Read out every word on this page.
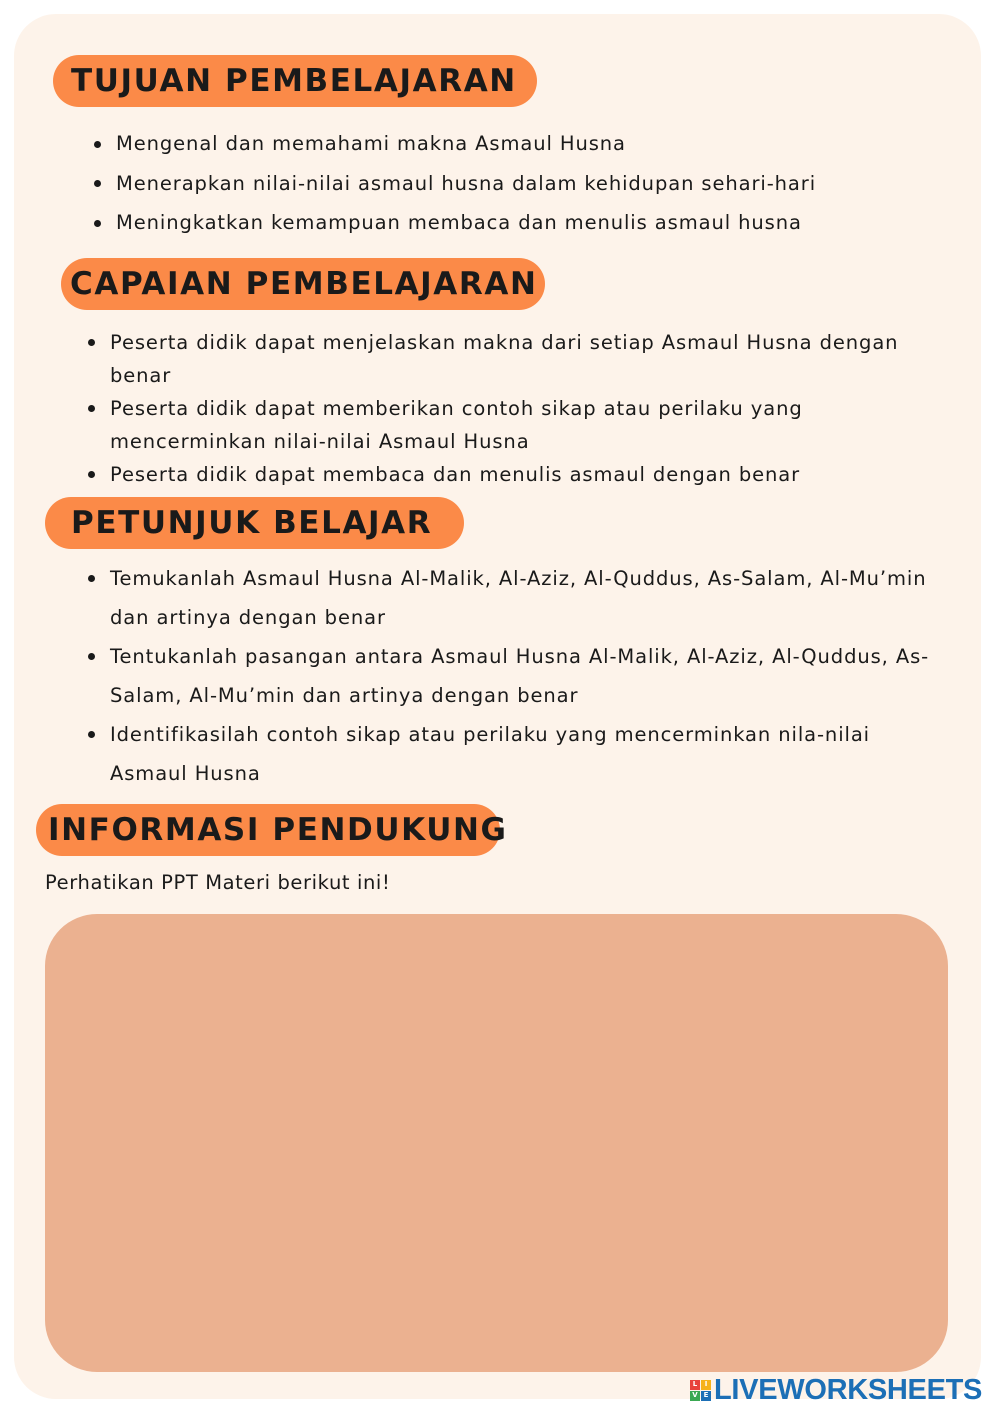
TUJUAN PEMBELAJARAN
Mengenal dan memahami makna Asmaul Husna
Menerapkan nilai-nilai asmaul husna dalam kehidupan sehari-hari
Meningkatkan kemampuan membaca dan menulis asmaul husna
CAPAIAN PEMBELAJARAN
Peserta didik dapat menjelaskan makna dari setiap Asmaul Husna dengan benar
Peserta didik dapat memberikan contoh sikap atau perilaku yang mencerminkan nilai-nilai Asmaul Husna
Peserta didik dapat membaca dan menulis asmaul dengan benar
PETUNJUK BELAJAR
Temukanlah Asmaul Husna Al-Malik, Al-Aziz, Al-Quddus, As-Salam, Al-Mu’min dan artinya dengan benar
Tentukanlah pasangan antara Asmaul Husna Al-Malik, Al-Aziz, Al-Quddus, As-Salam, Al-Mu’min dan artinya dengan benar
Identifikasilah contoh sikap atau perilaku yang mencerminkan nila-nilai Asmaul Husna
INFORMASI PENDUKUNG
Perhatikan PPT Materi berikut ini!
L	I
V E LIVEWORKSHEETS
